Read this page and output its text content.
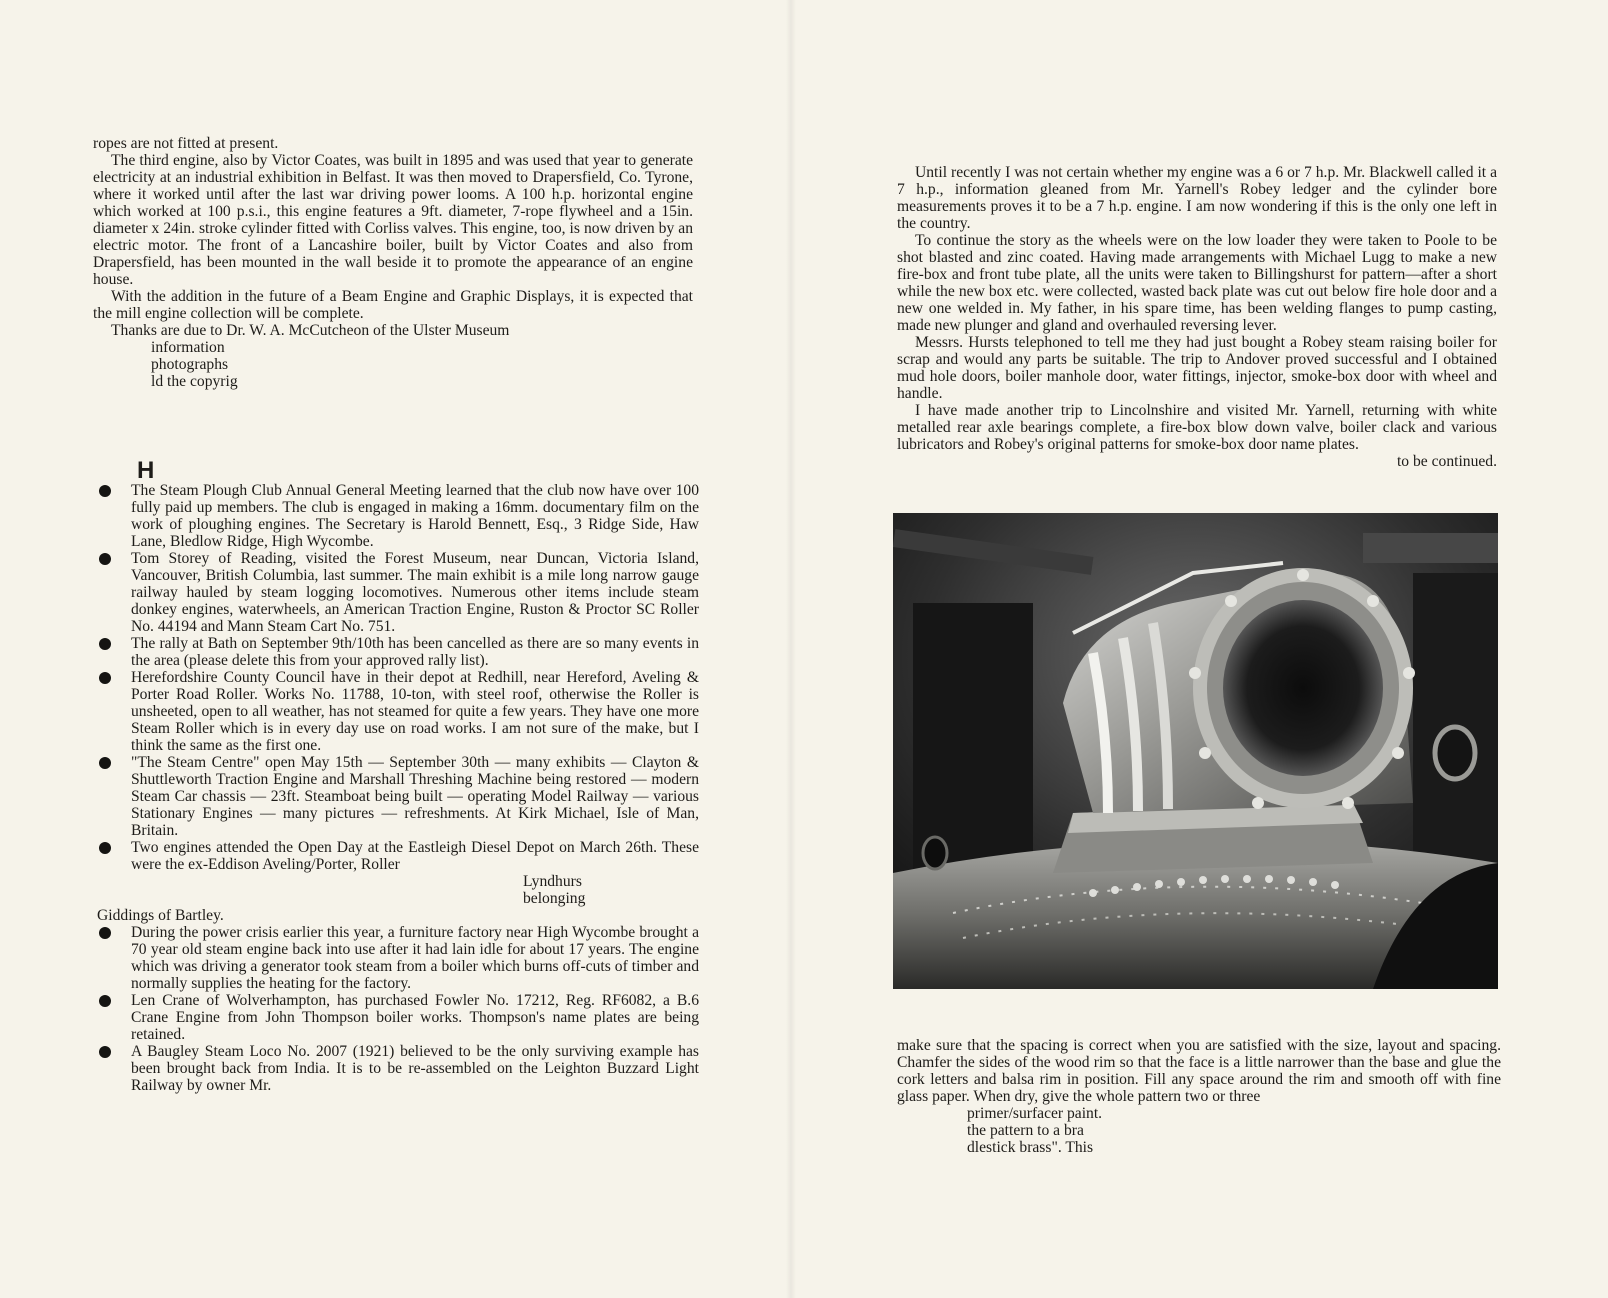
ropes are not fitted at present.

The third engine, also by Victor Coates, was built in 1895 and was used that year to generate electricity at an industrial exhibition in Belfast. It was then moved to Drapersfield, Co. Tyrone, where it worked until after the last war driving power looms. A 100 h.p. horizontal engine which worked at 100 p.s.i., this engine features a 9ft. diameter, 7-rope flywheel and a 15in. diameter x 24in. stroke cylinder fitted with Corliss valves. This engine, too, is now driven by an electric motor. The front of a Lancashire boiler, built by Victor Coates and also from Drapersfield, has been mounted in the wall beside it to promote the appearance of an engine house.

With the addition in the future of a Beam Engine and Graphic Displays, it is expected that the mill engine collection will be complete.

Thanks are due to Dr. W. A. McCutcheon of the Ulster Museum

information

photographs

ld the copyrig

H
The Steam Plough Club Annual General Meeting learned that the club now have over 100 fully paid up members. The club is engaged in making a 16mm. documentary film on the work of ploughing engines. The Secretary is Harold Bennett, Esq., 3 Ridge Side, Haw Lane, Bledlow Ridge, High Wycombe.
Tom Storey of Reading, visited the Forest Museum, near Duncan, Victoria Island, Vancouver, British Columbia, last summer. The main exhibit is a mile long narrow gauge railway hauled by steam logging locomotives. Numerous other items include steam donkey engines, waterwheels, an American Traction Engine, Ruston & Proctor SC Roller No. 44194 and Mann Steam Cart No. 751.
The rally at Bath on September 9th/10th has been cancelled as there are so many events in the area (please delete this from your approved rally list).
Herefordshire County Council have in their depot at Redhill, near Hereford, Aveling & Porter Road Roller. Works No. 11788, 10-ton, with steel roof, otherwise the Roller is unsheeted, open to all weather, has not steamed for quite a few years. They have one more Steam Roller which is in every day use on road works. I am not sure of the make, but I think the same as the first one.
"The Steam Centre" open May 15th — September 30th — many exhibits — Clayton & Shuttleworth Traction Engine and Marshall Threshing Machine being restored — modern Steam Car chassis — 23ft. Steamboat being built — operating Model Railway — various Stationary Engines — many pictures — refreshments. At Kirk Michael, Isle of Man, Britain.
Two engines attended the Open Day at the Eastleigh Diesel Depot on March 26th. These were the ex-Eddison Aveling/Porter, Roller
Lyndhurs
belonging
Giddings of Bartley.
During the power crisis earlier this year, a furniture factory near High Wycombe brought a 70 year old steam engine back into use after it had lain idle for about 17 years. The engine which was driving a generator took steam from a boiler which burns off-cuts of timber and normally supplies the heating for the factory.
Len Crane of Wolverhampton, has purchased Fowler No. 17212, Reg. RF6082, a B.6 Crane Engine from John Thompson boiler works. Thompson's name plates are being retained.
A Baugley Steam Loco No. 2007 (1921) believed to be the only surviving example has been brought back from India. It is to be re-assembled on the Leighton Buzzard Light Railway by owner Mr.

Until recently I was not certain whether my engine was a 6 or 7 h.p. Mr. Blackwell called it a 7 h.p., information gleaned from Mr. Yarnell's Robey ledger and the cylinder bore measurements proves it to be a 7 h.p. engine. I am now wondering if this is the only one left in the country.

To continue the story as the wheels were on the low loader they were taken to Poole to be shot blasted and zinc coated. Having made arrangements with Michael Lugg to make a new fire-box and front tube plate, all the units were taken to Billingshurst for pattern—after a short while the new box etc. were collected, wasted back plate was cut out below fire hole door and a new one welded in. My father, in his spare time, has been welding flanges to pump casting, made new plunger and gland and overhauled reversing lever.

Messrs. Hursts telephoned to tell me they had just bought a Robey steam raising boiler for scrap and would any parts be suitable. The trip to Andover proved successful and I obtained mud hole doors, boiler manhole door, water fittings, injector, smoke-box door with wheel and handle.

I have made another trip to Lincolnshire and visited Mr. Yarnell, returning with white metalled rear axle bearings complete, a fire-box blow down valve, boiler clack and various lubricators and Robey's original patterns for smoke-box door name plates.

to be continued.

make sure that the spacing is correct when you are satisfied with the size, layout and spacing. Chamfer the sides of the wood rim so that the face is a little narrower than the base and glue the cork letters and balsa rim in position. Fill any space around the rim and smooth off with fine glass paper. When dry, give the whole pattern two or three

primer/surfacer paint.

the pattern to a bra

dlestick brass". This
